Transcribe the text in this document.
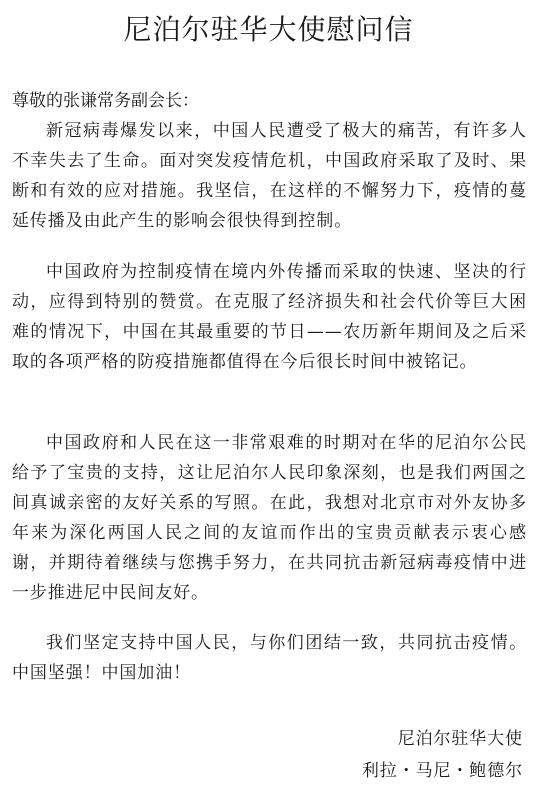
尼泊尔驻华大使慰问信
尊敬的张谦常务副会长：

新冠病毒爆发以来，中国人民遭受了极大的痛苦，有许多人不幸失去了生命。面对突发疫情危机，中国政府采取了及时、果断和有效的应对措施。我坚信，在这样的不懈努力下，疫情的蔓延传播及由此产生的影响会很快得到控制。

中国政府为控制疫情在境内外传播而采取的快速、坚决的行动，应得到特别的赞赏。在克服了经济损失和社会代价等巨大困难的情况下，中国在其最重要的节日——农历新年期间及之后采取的各项严格的防疫措施都值得在今后很长时间中被铭记。

中国政府和人民在这一非常艰难的时期对在华的尼泊尔公民给予了宝贵的支持，这让尼泊尔人民印象深刻，也是我们两国之间真诚亲密的友好关系的写照。在此，我想对北京市对外友协多年来为深化两国人民之间的友谊而作出的宝贵贡献表示衷心感谢，并期待着继续与您携手努力，在共同抗击新冠病毒疫情中进一步推进尼中民间友好。

我们坚定支持中国人民，与你们团结一致，共同抗击疫情。中国坚强！中国加油！

尼泊尔驻华大使
利拉・马尼・鲍德尔
